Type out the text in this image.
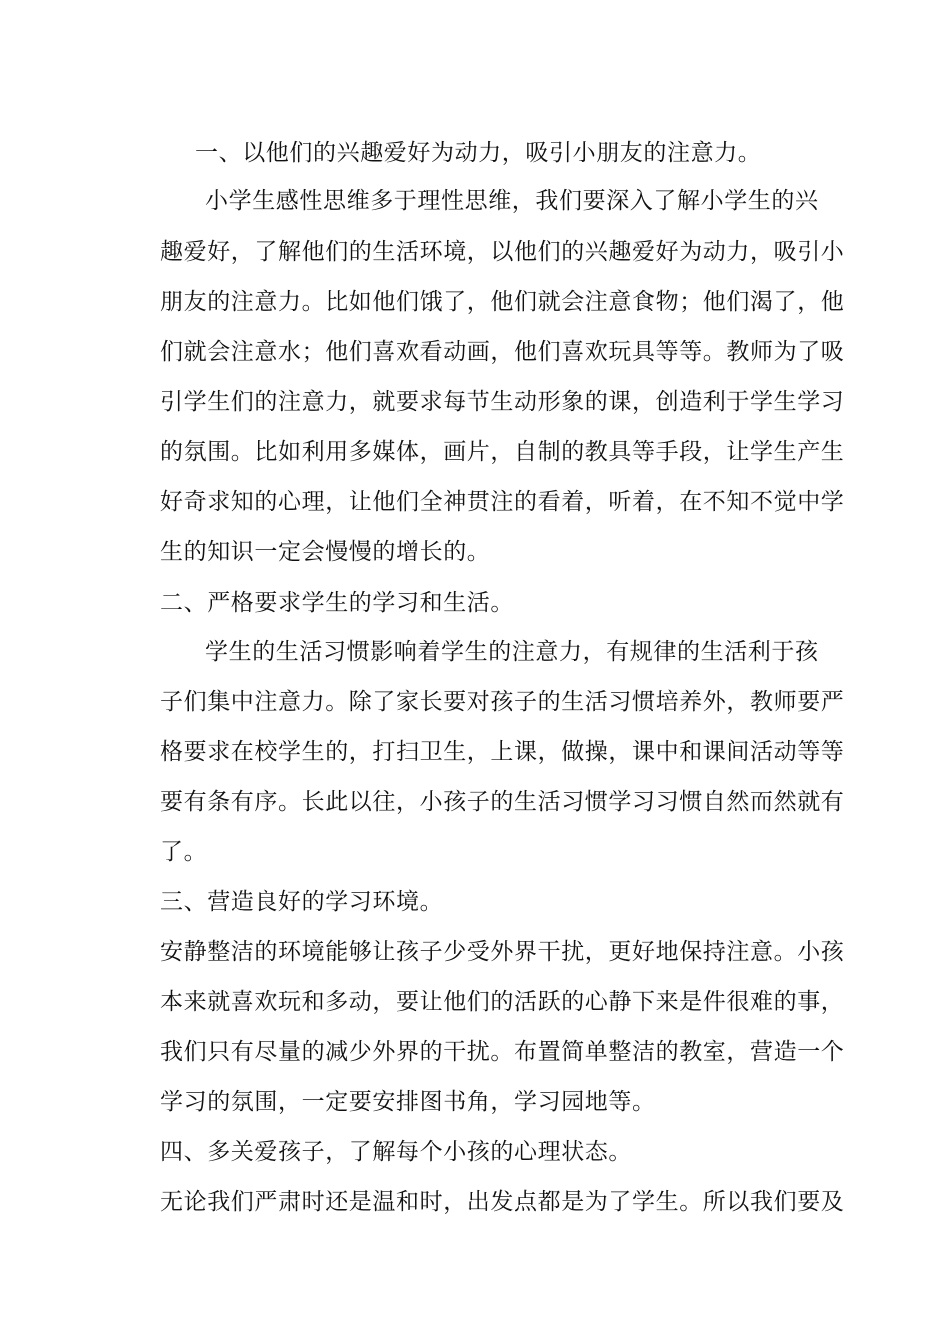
一、以他们的兴趣爱好为动力，吸引小朋友的注意力。
小学生感性思维多于理性思维，我们要深入了解小学生的兴
趣爱好，了解他们的生活环境，以他们的兴趣爱好为动力，吸引小
朋友的注意力。比如他们饿了，他们就会注意食物；他们渴了，他
们就会注意水；他们喜欢看动画，他们喜欢玩具等等。教师为了吸
引学生们的注意力，就要求每节生动形象的课，创造利于学生学习
的氛围。比如利用多媒体，画片，自制的教具等手段，让学生产生
好奇求知的心理，让他们全神贯注的看着，听着，在不知不觉中学
生的知识一定会慢慢的增长的。
二、严格要求学生的学习和生活。
学生的生活习惯影响着学生的注意力，有规律的生活利于孩
子们集中注意力。除了家长要对孩子的生活习惯培养外，教师要严
格要求在校学生的，打扫卫生，上课，做操，课中和课间活动等等
要有条有序。长此以往，小孩子的生活习惯学习习惯自然而然就有
了。
三、营造良好的学习环境。
安静整洁的环境能够让孩子少受外界干扰，更好地保持注意。小孩
本来就喜欢玩和多动，要让他们的活跃的心静下来是件很难的事，
我们只有尽量的减少外界的干扰。布置简单整洁的教室，营造一个
学习的氛围，一定要安排图书角，学习园地等。
四、多关爱孩子，了解每个小孩的心理状态。
无论我们严肃时还是温和时，出发点都是为了学生。所以我们要及
